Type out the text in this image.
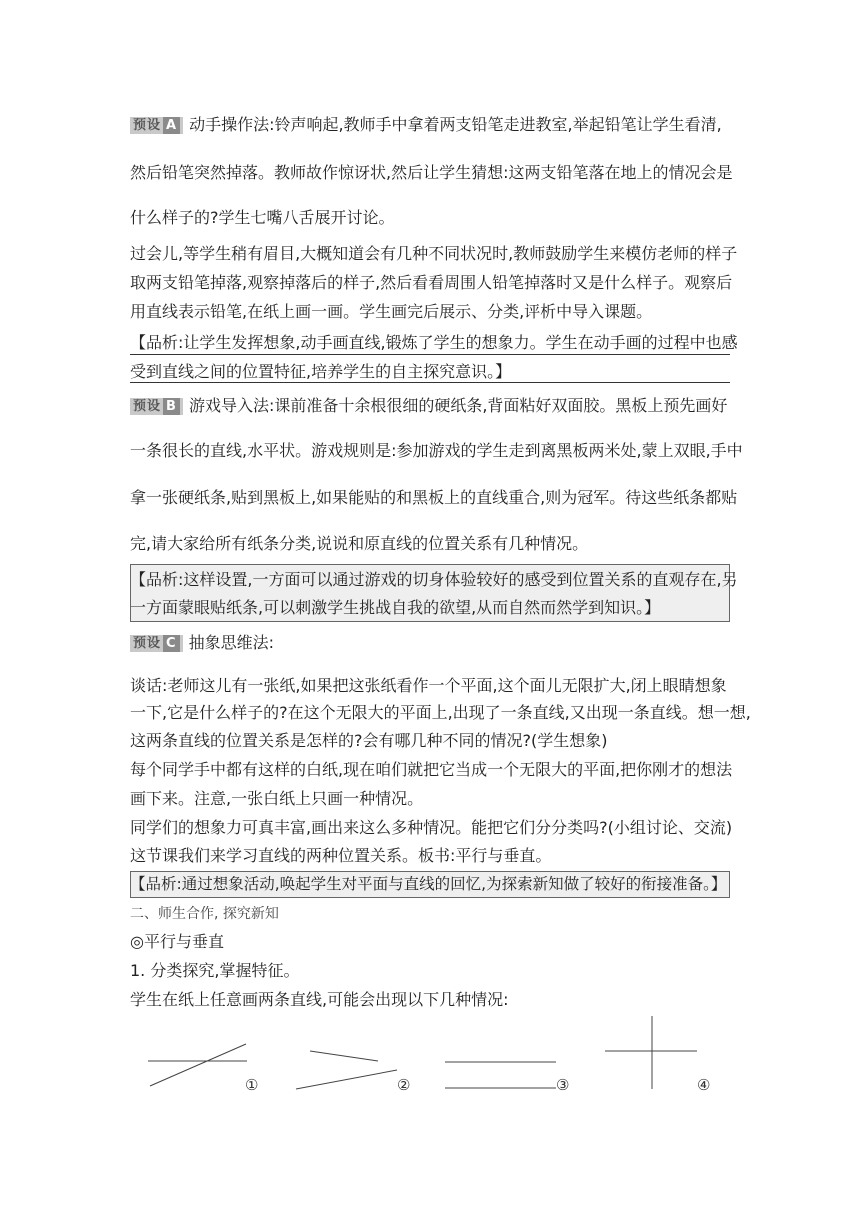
预设 A 动手操作法:铃声响起,教师手中拿着两支铅笔走进教室,举起铅笔让学生看清,
然后铅笔突然掉落。教师故作惊讶状,然后让学生猜想:这两支铅笔落在地上的情况会是
什么样子的?学生七嘴八舌展开讨论。
过会儿,等学生稍有眉目,大概知道会有几种不同状况时,教师鼓励学生来模仿老师的样子
取两支铅笔掉落,观察掉落后的样子,然后看看周围人铅笔掉落时又是什么样子。观察后
用直线表示铅笔,在纸上画一画。学生画完后展示、分类,评析中导入课题。
【品析:让学生发挥想象,动手画直线,锻炼了学生的想象力。学生在动手画的过程中也感
受到直线之间的位置特征,培养学生的自主探究意识。】
预设 B 游戏导入法:课前准备十余根很细的硬纸条,背面粘好双面胶。黑板上预先画好
一条很长的直线,水平状。游戏规则是:参加游戏的学生走到离黑板两米处,蒙上双眼,手中
拿一张硬纸条,贴到黑板上,如果能贴的和黑板上的直线重合,则为冠军。待这些纸条都贴
完,请大家给所有纸条分类,说说和原直线的位置关系有几种情况。
【品析:这样设置,一方面可以通过游戏的切身体验较好的感受到位置关系的直观存在,另
一方面蒙眼贴纸条,可以刺激学生挑战自我的欲望,从而自然而然学到知识。】
预设 C 抽象思维法:
谈话:老师这儿有一张纸,如果把这张纸看作一个平面,这个面儿无限扩大,闭上眼睛想象
一下,它是什么样子的?在这个无限大的平面上,出现了一条直线,又出现一条直线。想一想,
这两条直线的位置关系是怎样的?会有哪几种不同的情况?(学生想象)
每个同学手中都有这样的白纸,现在咱们就把它当成一个无限大的平面,把你刚才的想法
画下来。注意,一张白纸上只画一种情况。
同学们的想象力可真丰富,画出来这么多种情况。能把它们分分类吗?(小组讨论、交流)
这节课我们来学习直线的两种位置关系。板书:平行与垂直。
【品析:通过想象活动,唤起学生对平面与直线的回忆,为探索新知做了较好的衔接准备。】
二、师生合作, 探究新知
◎平行与垂直
1. 分类探究,掌握特征。
学生在纸上任意画两条直线,可能会出现以下几种情况:
①	②	③	④
